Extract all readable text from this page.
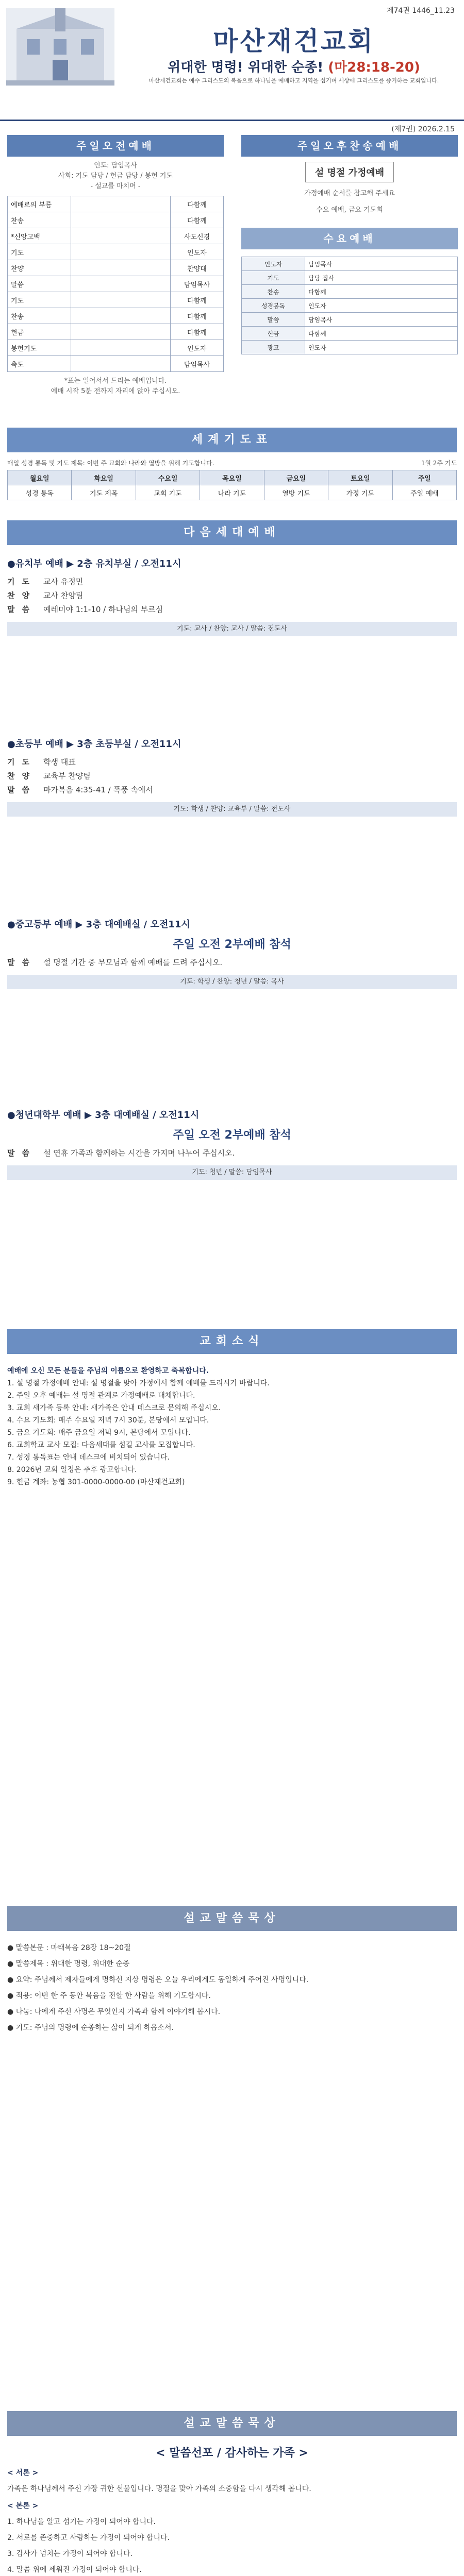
제74권 1446_11.23
마산재건교회
위대한 명령! 위대한 순종! (마28:18-20)
마산재건교회는 예수 그리스도의 복음으로 하나님을 예배하고 지역을 섬기며 세상에 그리스도를 증거하는 교회입니다.
(제7권) 2026.2.15
주일오전예배
인도: 담임목사
사회: 기도 담당 / 헌금 담당 / 봉헌 기도
- 설교를 마치며 -
예배로의 부름		다함께
찬송		다함께
*신앙고백		사도신경
기도		인도자
찬양		찬양대
말씀		담임목사
기도		다함께
찬송		다함께
헌금		다함께
봉헌기도		인도자
축도		담임목사
*표는 일어서서 드리는 예배입니다.
예배 시작 5분 전까지 자리에 앉아 주십시오.
주일오후찬송예배
설 명절 가정예배
가정예배 순서를 참고해 주세요
수요 예배, 금요 기도회
수요예배
인도자	담임목사
기도	담당 집사
찬송	다함께
성경봉독	인도자
말씀	담임목사
헌금	다함께
광고	인도자
세계기도표
매일 성경 통독 및 기도 제목: 이번 주 교회와 나라와 열방을 위해 기도합니다.	1월 2주 기도
월요일	화요일	수요일	목요일	금요일	토요일	주일
성경 통독	기도 제목	교회 기도	나라 기도	열방 기도	가정 기도	주일 예배
다음세대예배
●유치부 예배 ▶ 2층 유치부실 / 오전11시
기 도 교사 유정민
찬 양 교사 찬양팀
말 씀 예레미야 1:1-10 / 하나님의 부르심
기도: 교사 / 찬양: 교사 / 말씀: 전도사
●초등부 예배 ▶ 3층 초등부실 / 오전11시
기 도 학생 대표
찬 양 교육부 찬양팀
말 씀 마가복음 4:35-41 / 폭풍 속에서
기도: 학생 / 찬양: 교육부 / 말씀: 전도사
●중고등부 예배 ▶ 3층 대예배실 / 오전11시
주일 오전 2부예배 참석
말 씀 설 명절 기간 중 부모님과 함께 예배를 드려 주십시오.
기도: 학생 / 찬양: 청년 / 말씀: 목사
●청년대학부 예배 ▶ 3층 대예배실 / 오전11시
주일 오전 2부예배 참석
말 씀 설 연휴 가족과 함께하는 시간을 가지며 나누어 주십시오.
기도: 청년 / 말씀: 담임목사
교회소식

예배에 오신 모든 분들을 주님의 이름으로 환영하고 축복합니다.

1. 설 명절 가정예배 안내: 설 명절을 맞아 가정에서 함께 예배를 드리시기 바랍니다.

2. 주일 오후 예배는 설 명절 관계로 가정예배로 대체합니다.

3. 교회 새가족 등록 안내: 새가족은 안내 데스크로 문의해 주십시오.

4. 수요 기도회: 매주 수요일 저녁 7시 30분, 본당에서 모입니다.

5. 금요 기도회: 매주 금요일 저녁 9시, 본당에서 모입니다.

6. 교회학교 교사 모집: 다음세대를 섬길 교사를 모집합니다.

7. 성경 통독표는 안내 데스크에 비치되어 있습니다.

8. 2026년 교회 일정은 추후 광고합니다.

9. 헌금 계좌: 농협 301-0000-0000-00 (마산재건교회)

설교말씀묵상

● 말씀본문 : 마태복음 28장 18~20절

● 말씀제목 : 위대한 명령, 위대한 순종

● 요약: 주님께서 제자들에게 명하신 지상 명령은 오늘 우리에게도 동일하게 주어진 사명입니다.

● 적용: 이번 한 주 동안 복음을 전할 한 사람을 위해 기도합시다.

● 나눔: 나에게 주신 사명은 무엇인지 가족과 함께 이야기해 봅시다.

● 기도: 주님의 명령에 순종하는 삶이 되게 하옵소서.

설교말씀묵상
< 말씀선포 / 감사하는 가족 >

< 서론 >

가족은 하나님께서 주신 가장 귀한 선물입니다. 명절을 맞아 가족의 소중함을 다시 생각해 봅니다.

< 본론 >

1. 하나님을 알고 섬기는 가정이 되어야 합니다.

2. 서로를 존중하고 사랑하는 가정이 되어야 합니다.

3. 감사가 넘치는 가정이 되어야 합니다.

4. 말씀 위에 세워진 가정이 되어야 합니다.
